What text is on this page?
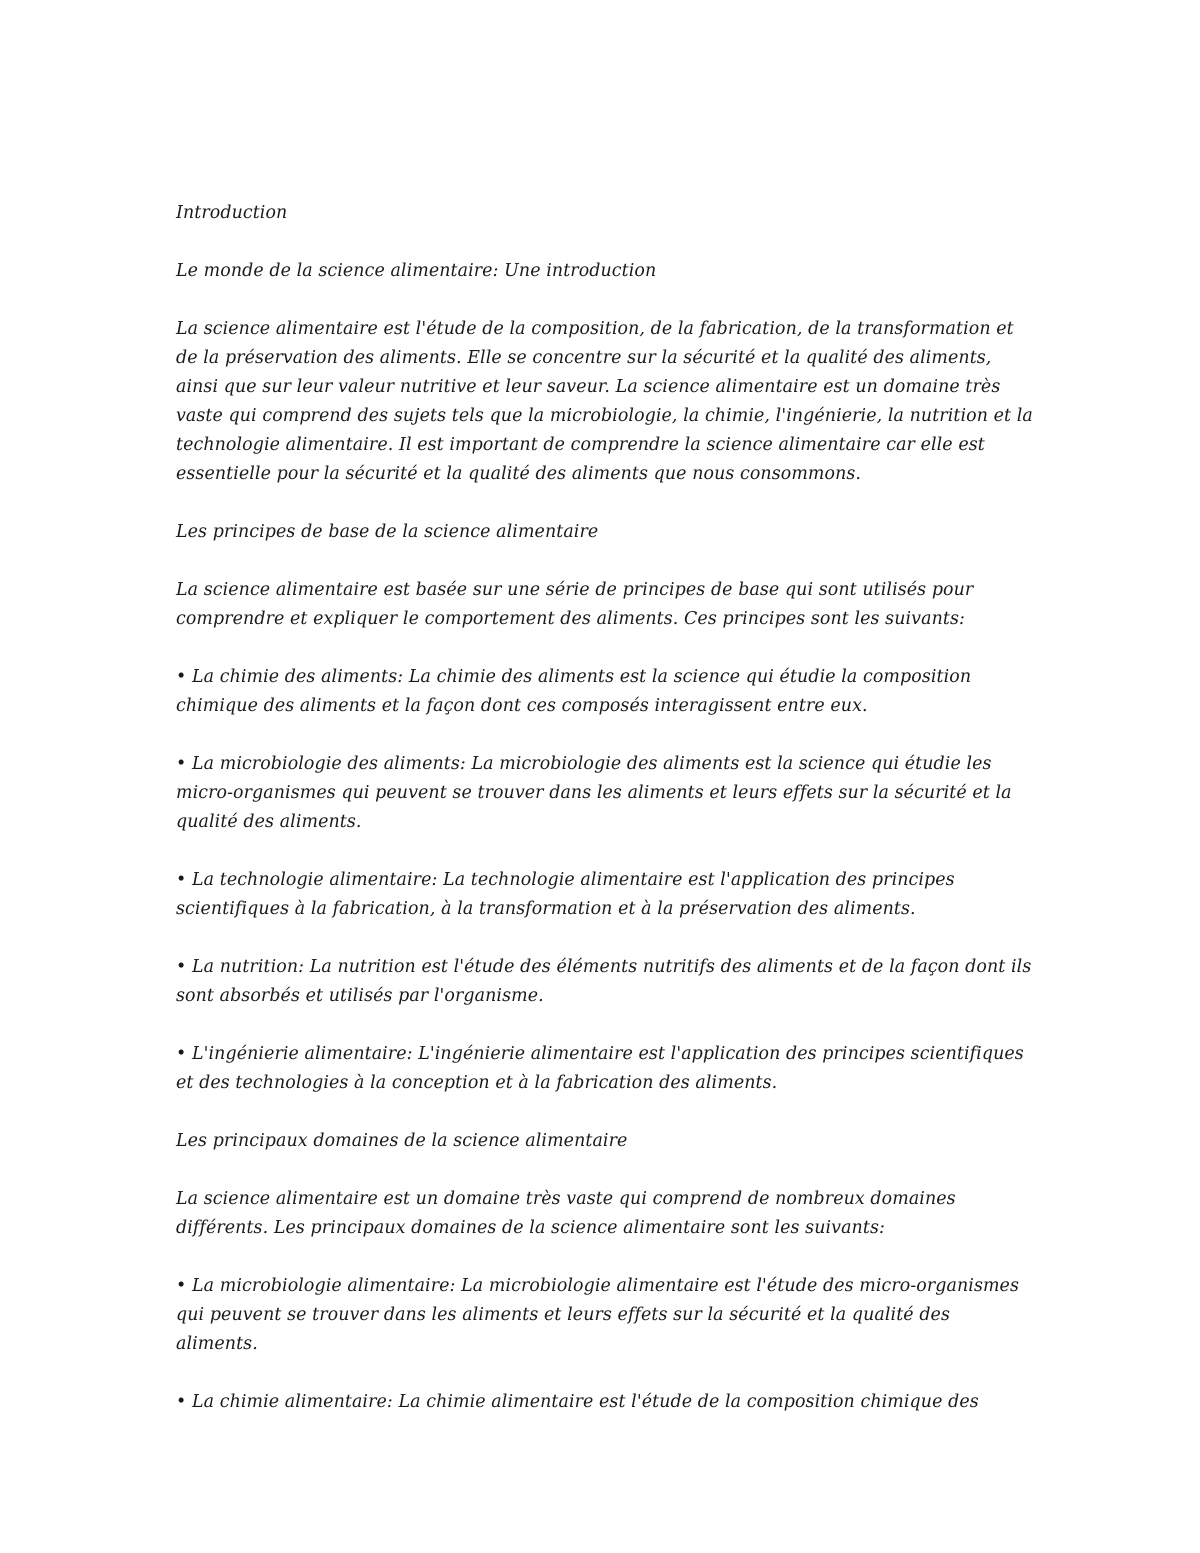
Introduction

Le monde de la science alimentaire: Une introduction

La science alimentaire est l'étude de la composition, de la fabrication, de la transformation et de la préservation des aliments. Elle se concentre sur la sécurité et la qualité des aliments, ainsi que sur leur valeur nutritive et leur saveur. La science alimentaire est un domaine très vaste qui comprend des sujets tels que la microbiologie, la chimie, l'ingénierie, la nutrition et la technologie alimentaire. Il est important de comprendre la science alimentaire car elle est essentielle pour la sécurité et la qualité des aliments que nous consommons.

Les principes de base de la science alimentaire

La science alimentaire est basée sur une série de principes de base qui sont utilisés pour comprendre et expliquer le comportement des aliments. Ces principes sont les suivants:

• La chimie des aliments: La chimie des aliments est la science qui étudie la composition chimique des aliments et la façon dont ces composés interagissent entre eux.

• La microbiologie des aliments: La microbiologie des aliments est la science qui étudie les micro-organismes qui peuvent se trouver dans les aliments et leurs effets sur la sécurité et la qualité des aliments.

• La technologie alimentaire: La technologie alimentaire est l'application des principes scientifiques à la fabrication, à la transformation et à la préservation des aliments.

• La nutrition: La nutrition est l'étude des éléments nutritifs des aliments et de la façon dont ils sont absorbés et utilisés par l'organisme.

• L'ingénierie alimentaire: L'ingénierie alimentaire est l'application des principes scientifiques et des technologies à la conception et à la fabrication des aliments.

Les principaux domaines de la science alimentaire

La science alimentaire est un domaine très vaste qui comprend de nombreux domaines différents. Les principaux domaines de la science alimentaire sont les suivants:

• La microbiologie alimentaire: La microbiologie alimentaire est l'étude des micro-organismes qui peuvent se trouver dans les aliments et leurs effets sur la sécurité et la qualité des aliments.

• La chimie alimentaire: La chimie alimentaire est l'étude de la composition chimique des
